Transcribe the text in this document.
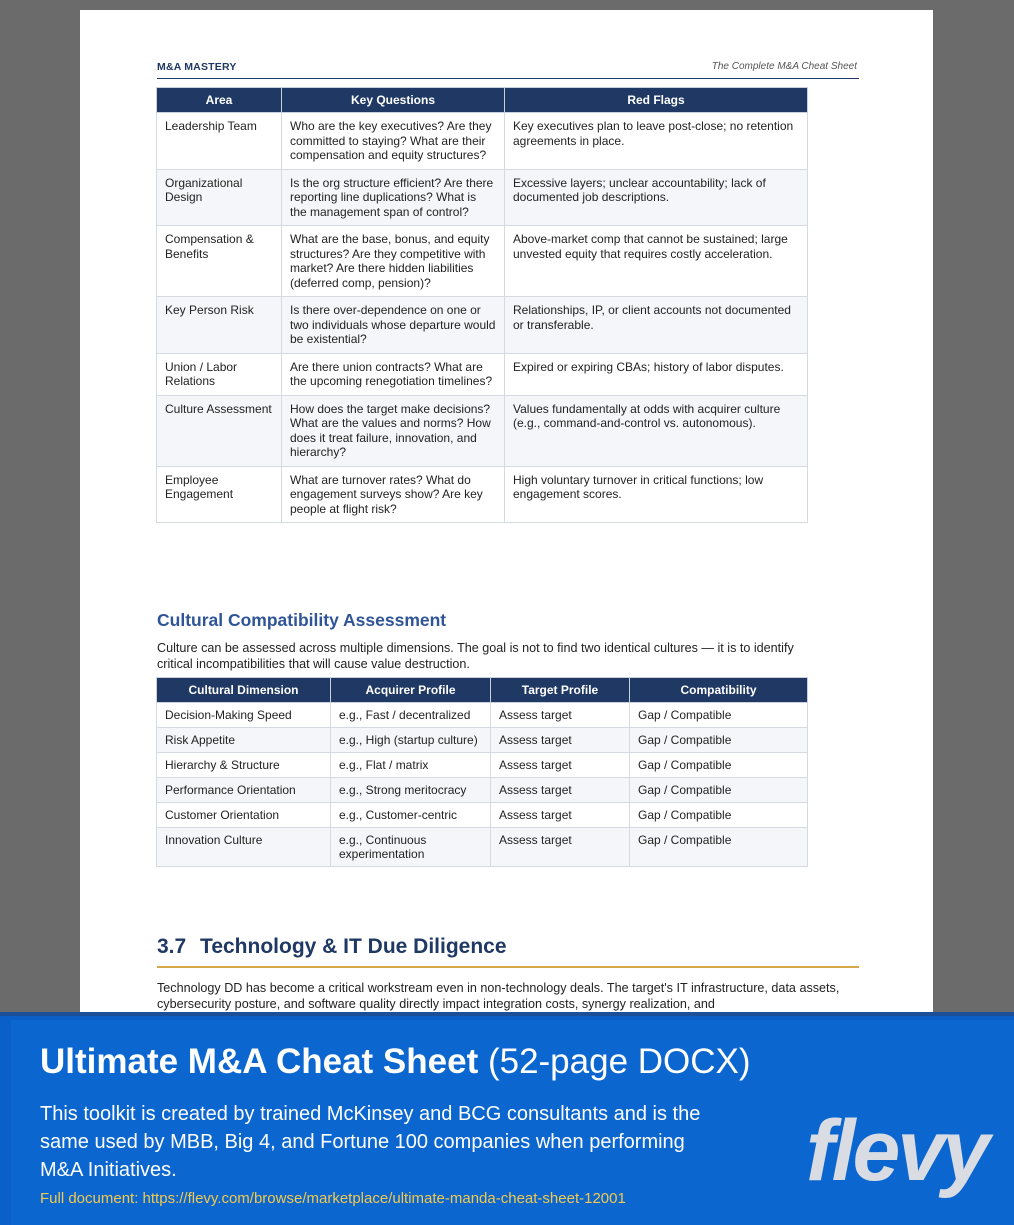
M&A MASTERY	The Complete M&A Cheat Sheet
Area	Key Questions	Red Flags
Leadership Team	Who are the key executives? Are they committed to staying? What are their compensation and equity structures?	Key executives plan to leave post-close; no retention agreements in place.
Organizational Design	Is the org structure efficient? Are there reporting line duplications? What is the management span of control?	Excessive layers; unclear accountability; lack of documented job descriptions.
Compensation & Benefits	What are the base, bonus, and equity structures? Are they competitive with market? Are there hidden liabilities (deferred comp, pension)?	Above-market comp that cannot be sustained; large unvested equity that requires costly acceleration.
Key Person Risk	Is there over-dependence on one or two individuals whose departure would be existential?	Relationships, IP, or client accounts not documented or transferable.
Union / Labor Relations	Are there union contracts? What are the upcoming renegotiation timelines?	Expired or expiring CBAs; history of labor disputes.
Culture Assessment	How does the target make decisions? What are the values and norms? How does it treat failure, innovation, and hierarchy?	Values fundamentally at odds with acquirer culture (e.g., command-and-control vs. autonomous).
Employee Engagement	What are turnover rates? What do engagement surveys show? Are key people at flight risk?	High voluntary turnover in critical functions; low engagement scores.
Cultural Compatibility Assessment
Culture can be assessed across multiple dimensions. The goal is not to find two identical cultures — it is to identify critical incompatibilities that will cause value destruction.
Cultural Dimension	Acquirer Profile	Target Profile	Compatibility
Decision-Making Speed	e.g., Fast / decentralized	Assess target	Gap / Compatible
Risk Appetite	e.g., High (startup culture)	Assess target	Gap / Compatible
Hierarchy & Structure	e.g., Flat / matrix	Assess target	Gap / Compatible
Performance Orientation	e.g., Strong meritocracy	Assess target	Gap / Compatible
Customer Orientation	e.g., Customer-centric	Assess target	Gap / Compatible
Innovation Culture	e.g., Continuous experimentation	Assess target	Gap / Compatible
3.7 Technology & IT Due Diligence
Technology DD has become a critical workstream even in non-technology deals. The target's IT infrastructure, data assets, cybersecurity posture, and software quality directly impact integration costs, synergy realization, and
Ultimate M&A Cheat Sheet (52-page DOCX)
This toolkit is created by trained McKinsey and BCG consultants and is the same used by MBB, Big 4, and Fortune 100 companies when performing M&A Initiatives.
Full document: https://flevy.com/browse/marketplace/ultimate-manda-cheat-sheet-12001 flevy
